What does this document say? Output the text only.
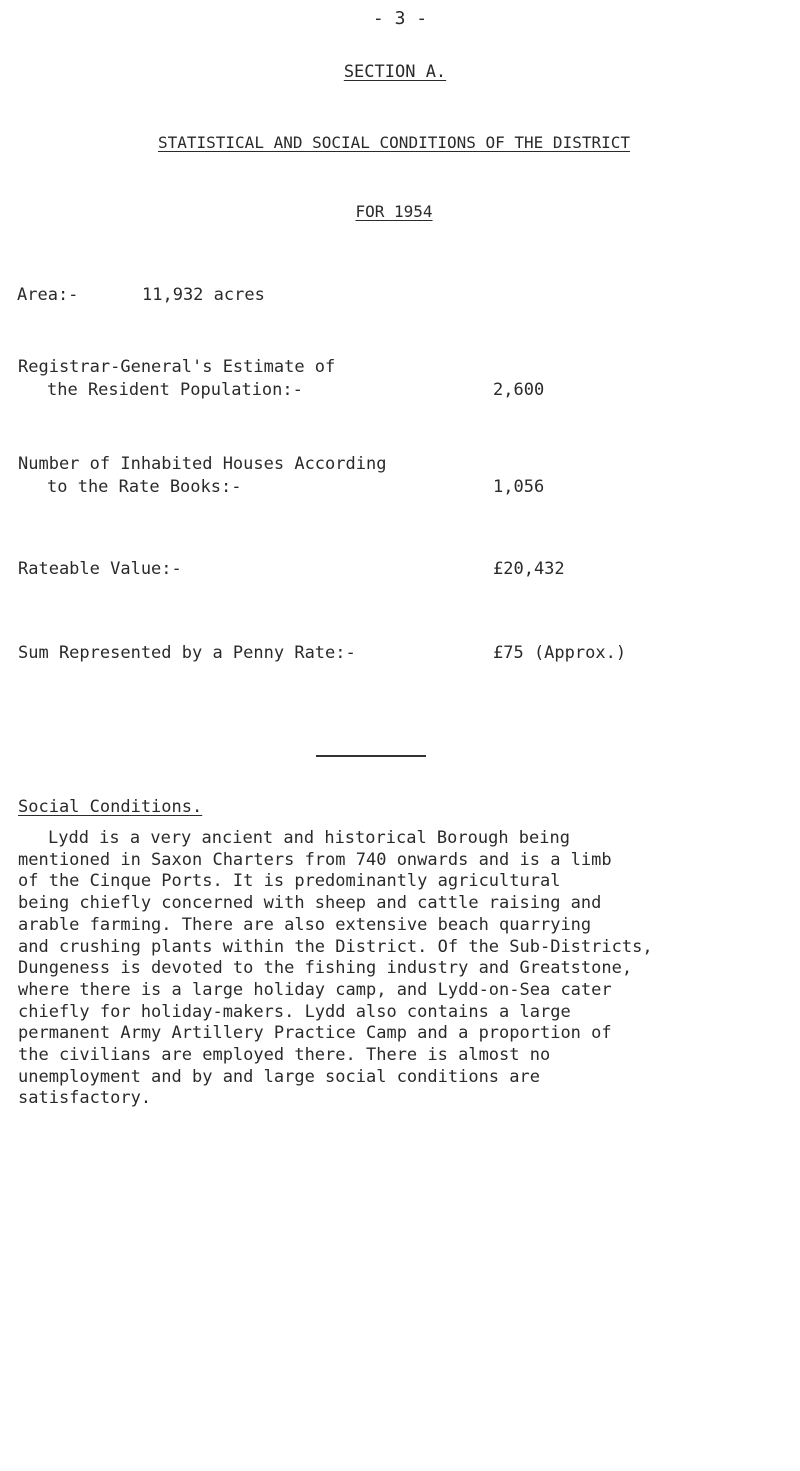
- 3 -
SECTION A.
STATISTICAL AND SOCIAL CONDITIONS OF THE DISTRICT
FOR 1954
Area:-	11,932 acres
Registrar-General's Estimate of
the Resident Population:-	2,600
Number of Inhabited Houses According
to the Rate Books:-	1,056
Rateable Value:-	£20,432
Sum Represented by a Penny Rate:-	£75 (Approx.)
Social Conditions.
Lydd is a very ancient and historical Borough being
mentioned in Saxon Charters from 740 onwards and is a limb
of the Cinque Ports. It is predominantly agricultural
being chiefly concerned with sheep and cattle raising and
arable farming. There are also extensive beach quarrying
and crushing plants within the District. Of the Sub-Districts,
Dungeness is devoted to the fishing industry and Greatstone,
where there is a large holiday camp, and Lydd-on-Sea cater
chiefly for holiday-makers. Lydd also contains a large
permanent Army Artillery Practice Camp and a proportion of
the civilians are employed there. There is almost no
unemployment and by and large social conditions are
satisfactory.
